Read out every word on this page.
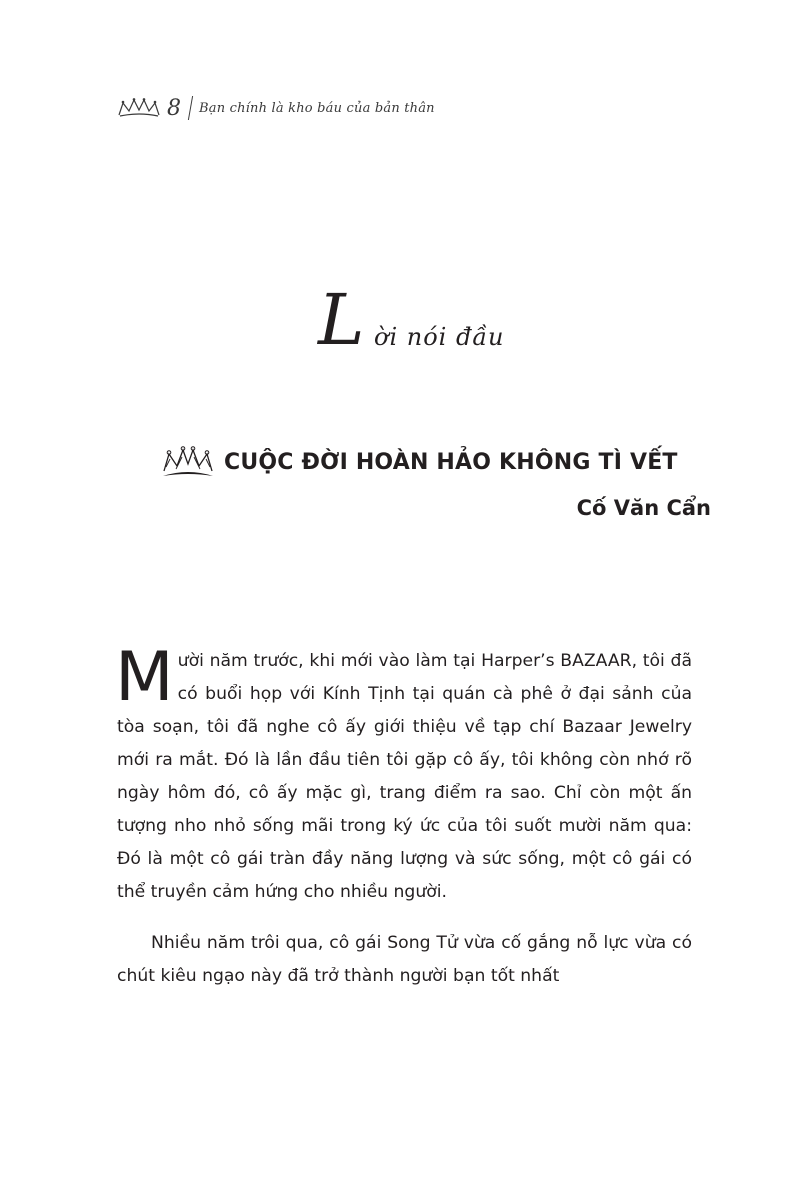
8 Bạn chính là kho báu của bản thân
L ời nói đầu
CUỘC ĐỜI HOÀN HẢO KHÔNG TÌ VẾT
Cố Văn Cẩn

Mười năm trước, khi mới vào làm tại Harper’s BAZAAR, tôi đã có buổi họp với Kính Tịnh tại quán cà phê ở đại sảnh của tòa soạn, tôi đã nghe cô ấy giới thiệu về tạp chí Bazaar Jewelry mới ra mắt. Đó là lần đầu tiên tôi gặp cô ấy, tôi không còn nhớ rõ ngày hôm đó, cô ấy mặc gì, trang điểm ra sao. Chỉ còn một ấn tượng nho nhỏ sống mãi trong ký ức của tôi suốt mười năm qua: Đó là một cô gái tràn đầy năng lượng và sức sống, một cô gái có thể truyền cảm hứng cho nhiều người.

Nhiều năm trôi qua, cô gái Song Tử vừa cố gắng nỗ lực vừa có chút kiêu ngạo này đã trở thành người bạn tốt nhất
